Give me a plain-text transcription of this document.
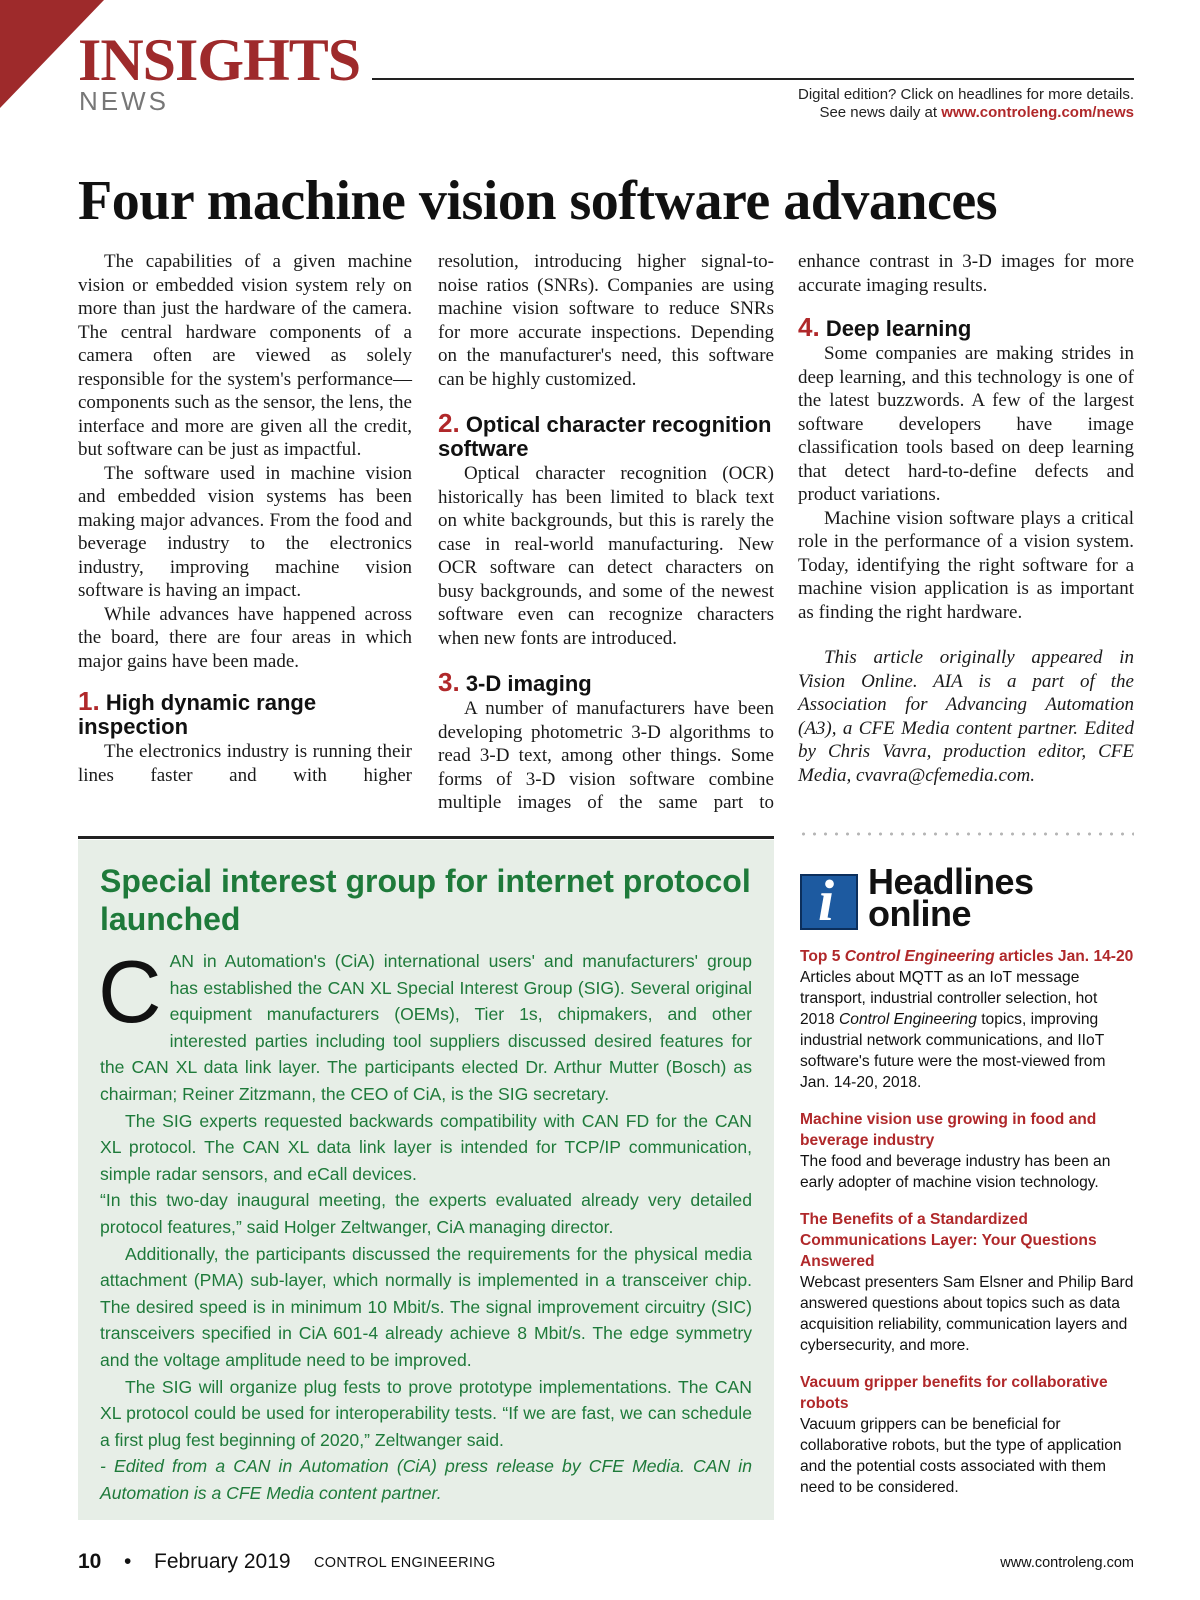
INSIGHTS
NEWS	Digital edition? Click on headlines for more details.
See news daily at www.controleng.com/news
Four machine vision software advances

The capabilities of a given machine vision or embedded vision system rely on more than just the hardware of the camera. The central hardware components of a camera often are viewed as solely responsible for the system's performance—components such as the sensor, the lens, the interface and more are given all the credit, but software can be just as impactful.

The software used in machine vision and embedded vision systems has been making major advances. From the food and beverage industry to the electronics industry, improving machine vision software is having an impact.

While advances have happened across the board, there are four areas in which major gains have been made.

1. High dynamic range inspection

The electronics industry is running their lines faster and with higher

resolution, introducing higher signal-to-noise ratios (SNRs). Companies are using machine vision software to reduce SNRs for more accurate inspections. Depending on the manufacturer's need, this software can be highly customized.

2. Optical character recognition software

Optical character recognition (OCR) historically has been limited to black text on white backgrounds, but this is rarely the case in real-world manufacturing. New OCR software can detect characters on busy backgrounds, and some of the newest software even can recognize characters when new fonts are introduced.

3. 3-D imaging

A number of manufacturers have been developing photometric 3-D algorithms to read 3-D text, among other things. Some forms of 3-D vision software combine multiple images of the same part to

enhance contrast in 3-D images for more accurate imaging results.

4. Deep learning

Some companies are making strides in deep learning, and this technology is one of the latest buzzwords. A few of the largest software developers have image classification tools based on deep learning that detect hard-to-define defects and product variations.

Machine vision software plays a critical role in the performance of a vision system. Today, identifying the right software for a machine vision application is as important as finding the right hardware.

This article originally appeared in Vision Online. AIA is a part of the Association for Advancing Automation (A3), a CFE Media content partner. Edited by Chris Vavra, production editor, CFE Media, cvavra@cfemedia.com.

Special interest group for internet protocol launched

CAN in Automation's (CiA) international users' and manufacturers' group has established the CAN XL Special Interest Group (SIG). Several original equipment manufacturers (OEMs), Tier 1s, chipmakers, and other interested parties including tool suppliers discussed desired features for the CAN XL data link layer. The participants elected Dr. Arthur Mutter (Bosch) as chairman; Reiner Zitzmann, the CEO of CiA, is the SIG secretary.

The SIG experts requested backwards compatibility with CAN FD for the CAN XL protocol. The CAN XL data link layer is intended for TCP/IP communication, simple radar sensors, and eCall devices.

“In this two-day inaugural meeting, the experts evaluated already very detailed protocol features,” said Holger Zeltwanger, CiA managing director.

Additionally, the participants discussed the requirements for the physical media attachment (PMA) sub-layer, which normally is implemented in a transceiver chip. The desired speed is in minimum 10 Mbit/s. The signal improvement circuitry (SIC) transceivers specified in CiA 601-4 already achieve 8 Mbit/s. The edge symmetry and the voltage amplitude need to be improved.

The SIG will organize plug fests to prove prototype implementations. The CAN XL protocol could be used for interoperability tests. “If we are fast, we can schedule a first plug fest beginning of 2020,” Zeltwanger said.

- Edited from a CAN in Automation (CiA) press release by CFE Media. CAN in Automation is a CFE Media content partner.

i Headlines
online
Top 5 Control Engineering articles Jan. 14-20
Articles about MQTT as an IoT message transport, industrial controller selection, hot 2018 Control Engineering topics, improving industrial network communications, and IIoT software's future were the most-viewed from Jan. 14-20, 2018.
Machine vision use growing in food and beverage industry
The food and beverage industry has been an early adopter of machine vision technology.
The Benefits of a Standardized Communications Layer: Your Questions Answered
Webcast presenters Sam Elsner and Philip Bard answered questions about topics such as data acquisition reliability, communication layers and cybersecurity, and more.
Vacuum gripper benefits for collaborative robots
Vacuum grippers can be beneficial for collaborative robots, but the type of application and the potential costs associated with them need to be considered.
10 • February 2019 CONTROL ENGINEERING	www.controleng.com
